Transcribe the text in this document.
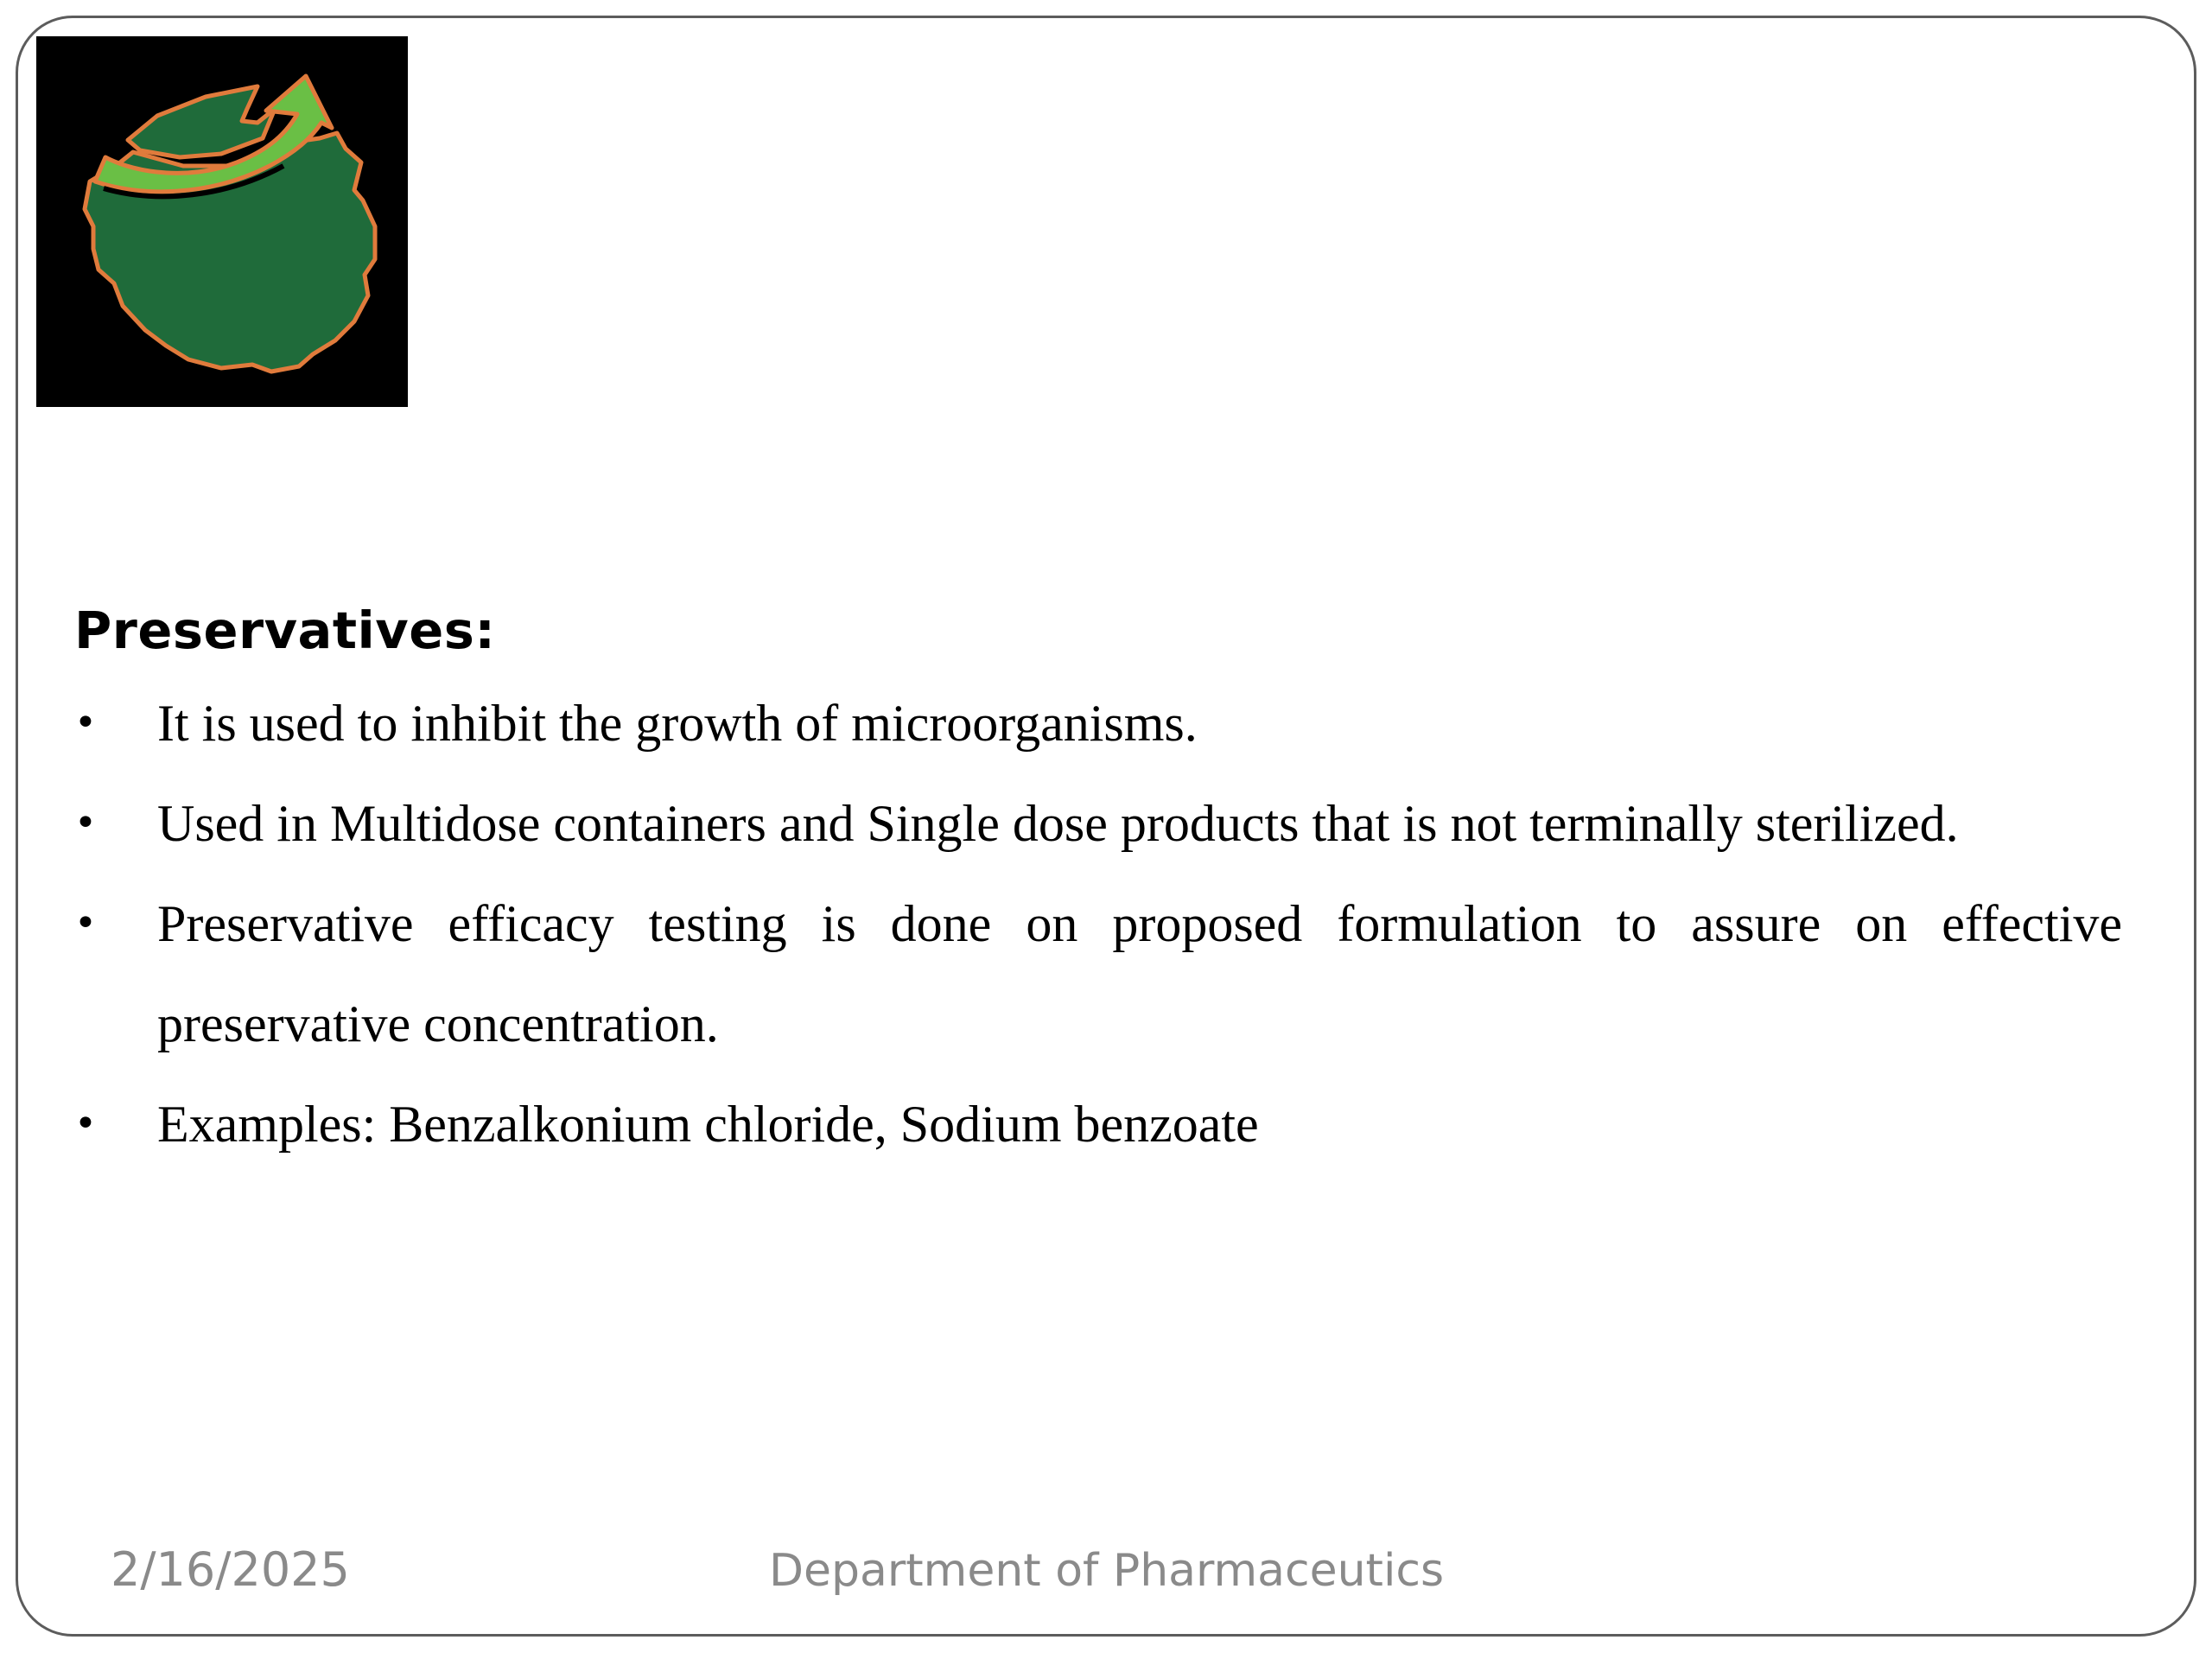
Preservatives:
• It is used to inhibit the growth of microorganisms.
• Used in Multidose containers and Single dose products that is not terminally sterilized.
• Preservative efficacy testing is done on proposed formulation to assure on effective preservative concentration.
• Examples: Benzalkonium chloride, Sodium benzoate
2/16/2025	Department of Pharmaceutics
